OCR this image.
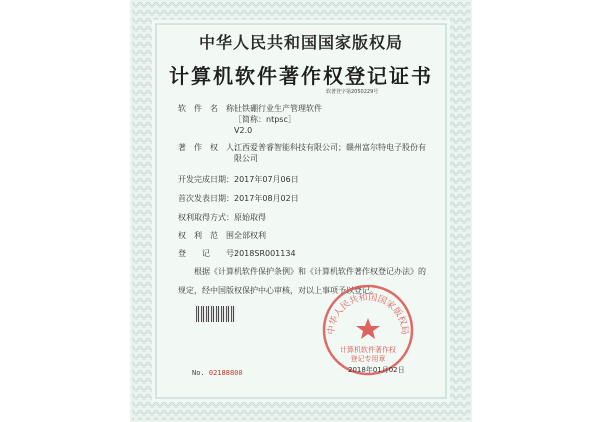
中华人民共和国国家版权局
计算机软件著作权登记证书
软著登字第2050229号
软　件　名　称：
钍铁硼行业生产管理软件
［简称：ntpsc］
V2.0
著　作　权　人：
江西爱普睿智能科技有限公司；赣州富尔特电子股份有
限公司
开发完成日期： 2017年07月06日
首次发表日期： 2017年08月02日
权利取得方式： 原始取得
权　利　范　围：
全部权利
登　　记　　号：
2018SR001134
根据《计算机软件保护条例》和《计算机软件著作权登记办法》的
规定，经中国版权保护中心审核，对以上事项予以登记。
中华人民共和国国家版权局
计算机软件著作权
登记专用章
No. 02188800	2018年01月02日
